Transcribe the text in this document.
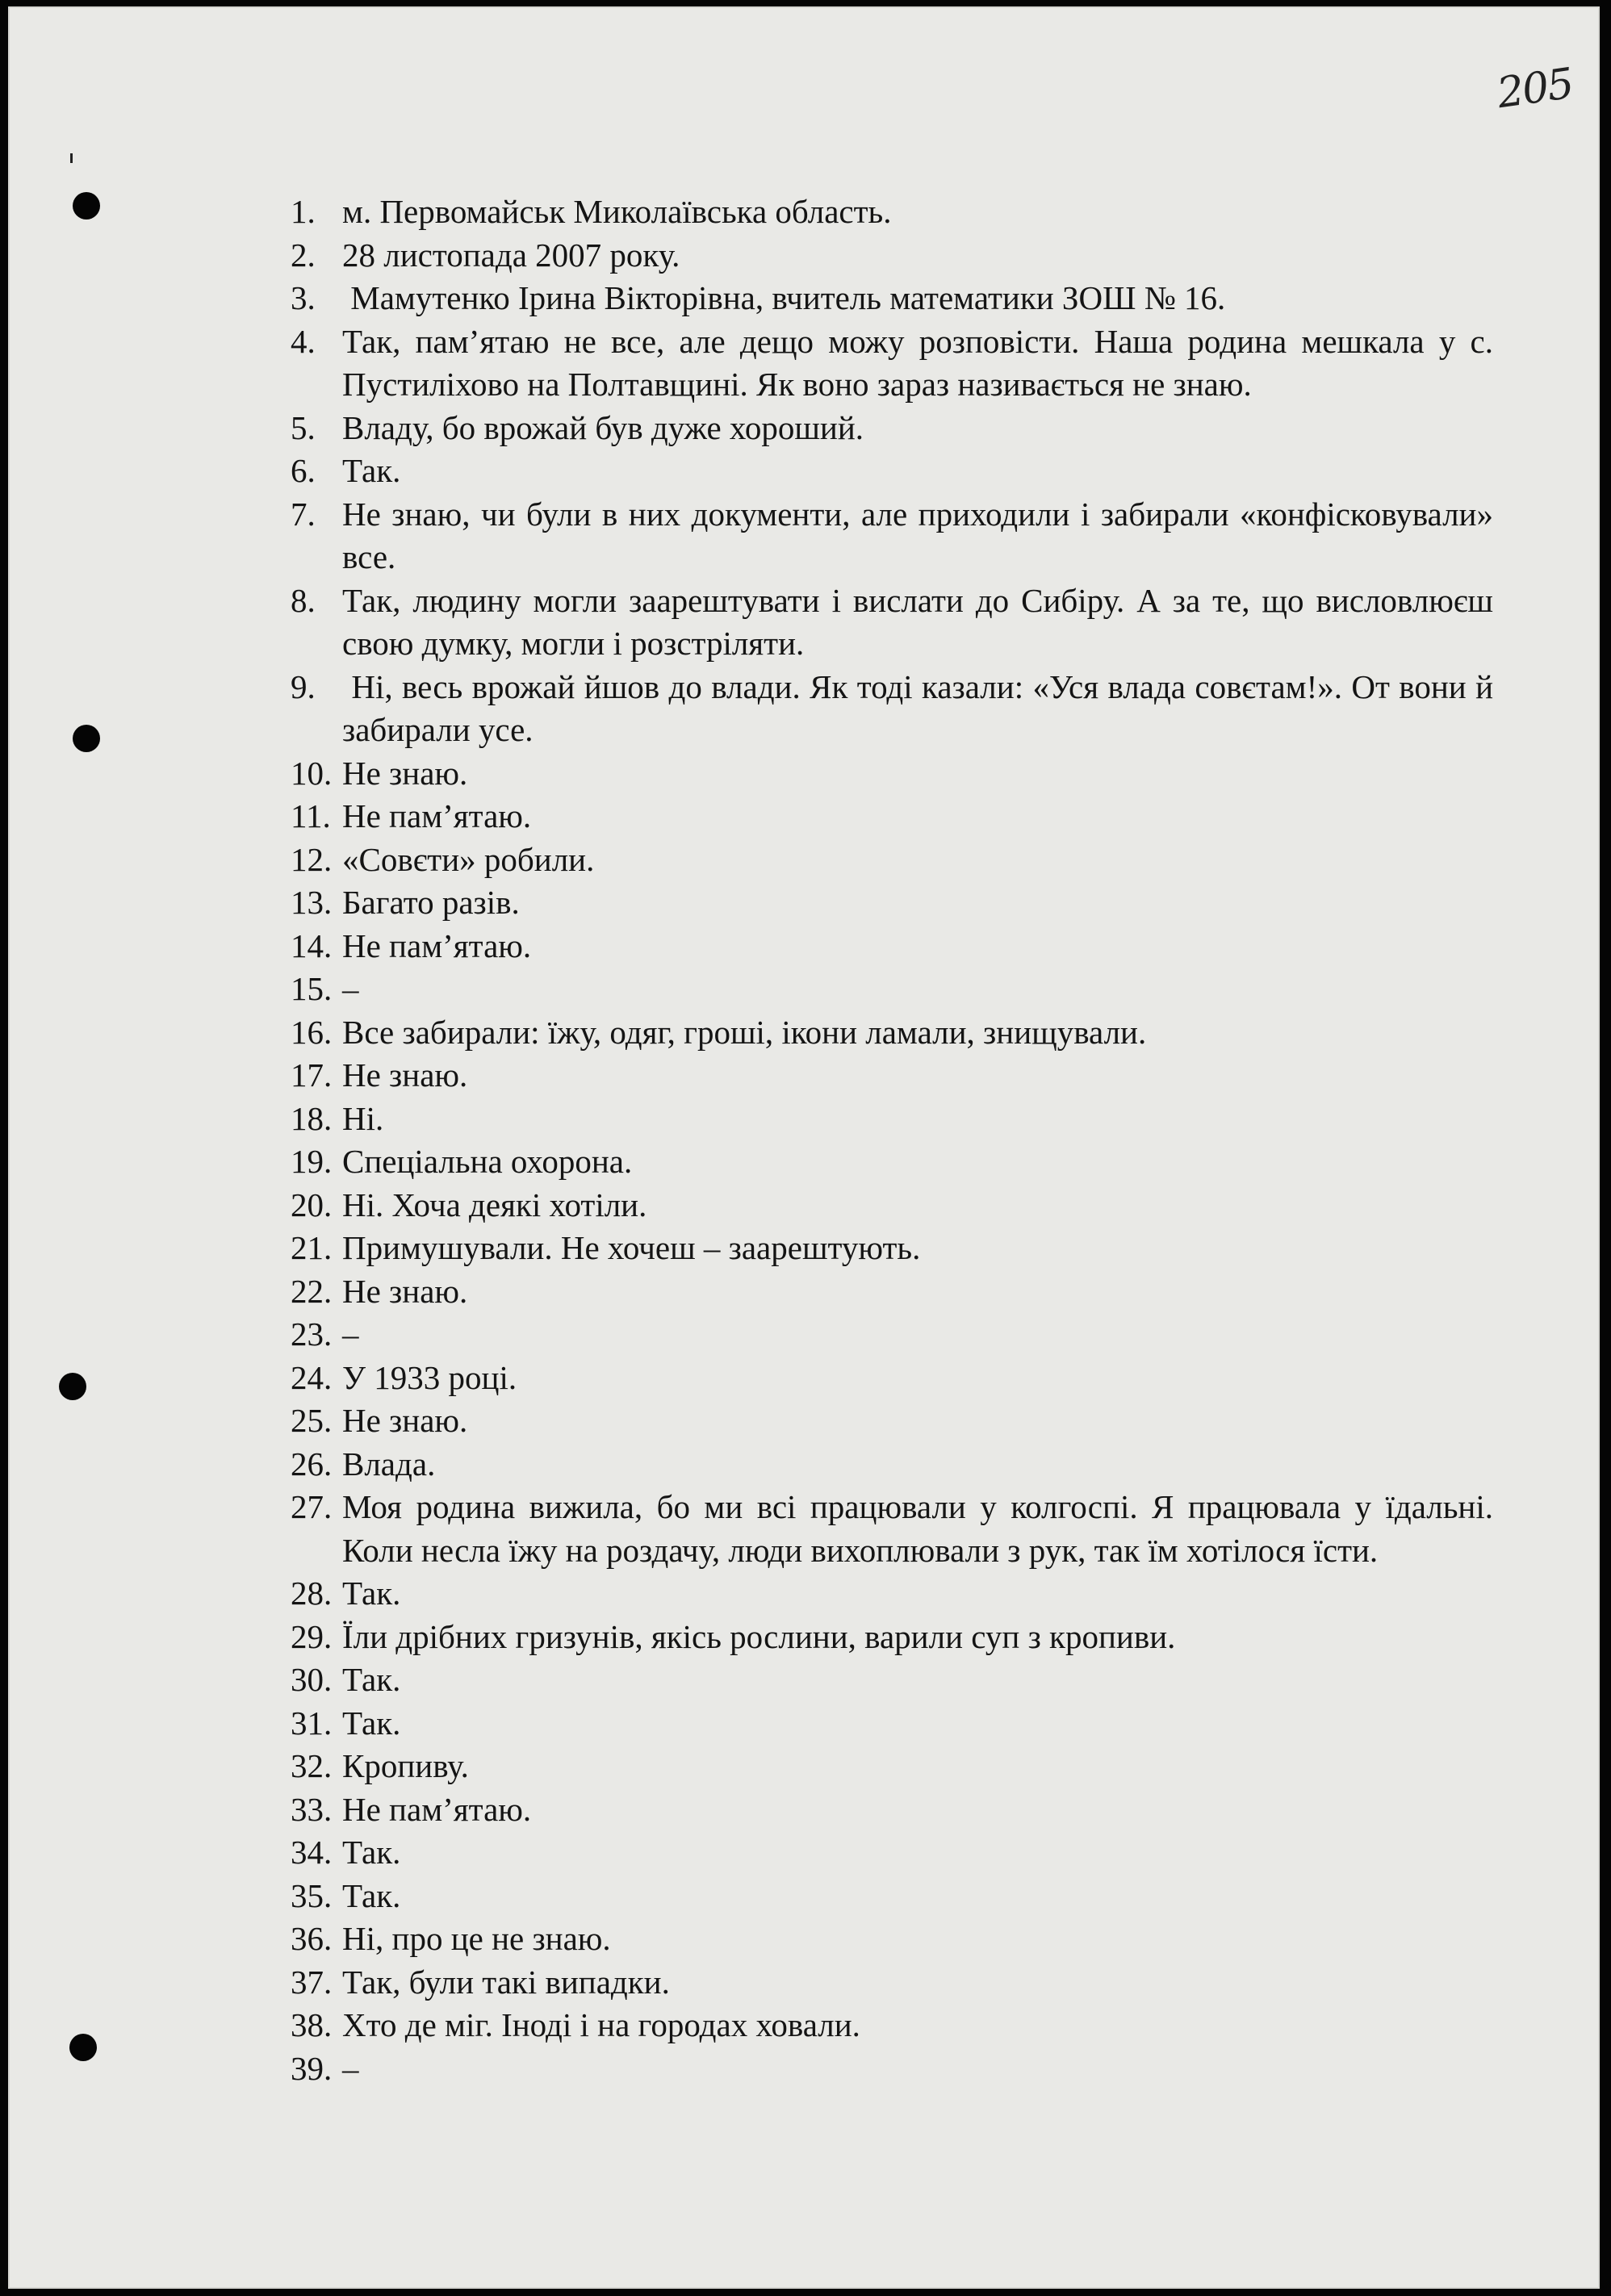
205
1. м. Первомайськ Миколаївська область.
2. 28 листопада 2007 року.
3. Мамутенко Ірина Вікторівна, вчитель математики ЗОШ № 16.
4. Так, пам’ятаю не все, але дещо можу розповісти. Наша родина мешкала у с. Пустиліхово на Полтавщині. Як воно зараз називається не знаю.
5. Владу, бо врожай був дуже хороший.
6. Так.
7. Не знаю, чи були в них документи, але приходили і забирали «конфісковували» все.
8. Так, людину могли заарештувати і вислати до Сибіру. А за те, що висловлюєш свою думку, могли і розстріляти.
9. Ні, весь врожай йшов до влади. Як тоді казали: «Уся влада совєтам!». От вони й забирали усе.
10. Не знаю.
11. Не пам’ятаю.
12. «Совєти» робили.
13. Багато разів.
14. Не пам’ятаю.
15. –
16. Все забирали: їжу, одяг, гроші, ікони ламали, знищували.
17. Не знаю.
18. Ні.
19. Спеціальна охорона.
20. Ні. Хоча деякі хотіли.
21. Примушували. Не хочеш – заарештують.
22. Не знаю.
23. –
24. У 1933 році.
25. Не знаю.
26. Влада.
27. Моя родина вижила, бо ми всі працювали у колгоспі. Я працювала у їдальні. Коли несла їжу на роздачу, люди вихоплювали з рук, так їм хотілося їсти.
28. Так.
29. Їли дрібних гризунів, якісь рослини, варили суп з кропиви.
30. Так.
31. Так.
32. Кропиву.
33. Не пам’ятаю.
34. Так.
35. Так.
36. Ні, про це не знаю.
37. Так, були такі випадки.
38. Хто де міг. Іноді і на городах ховали.
39. –
